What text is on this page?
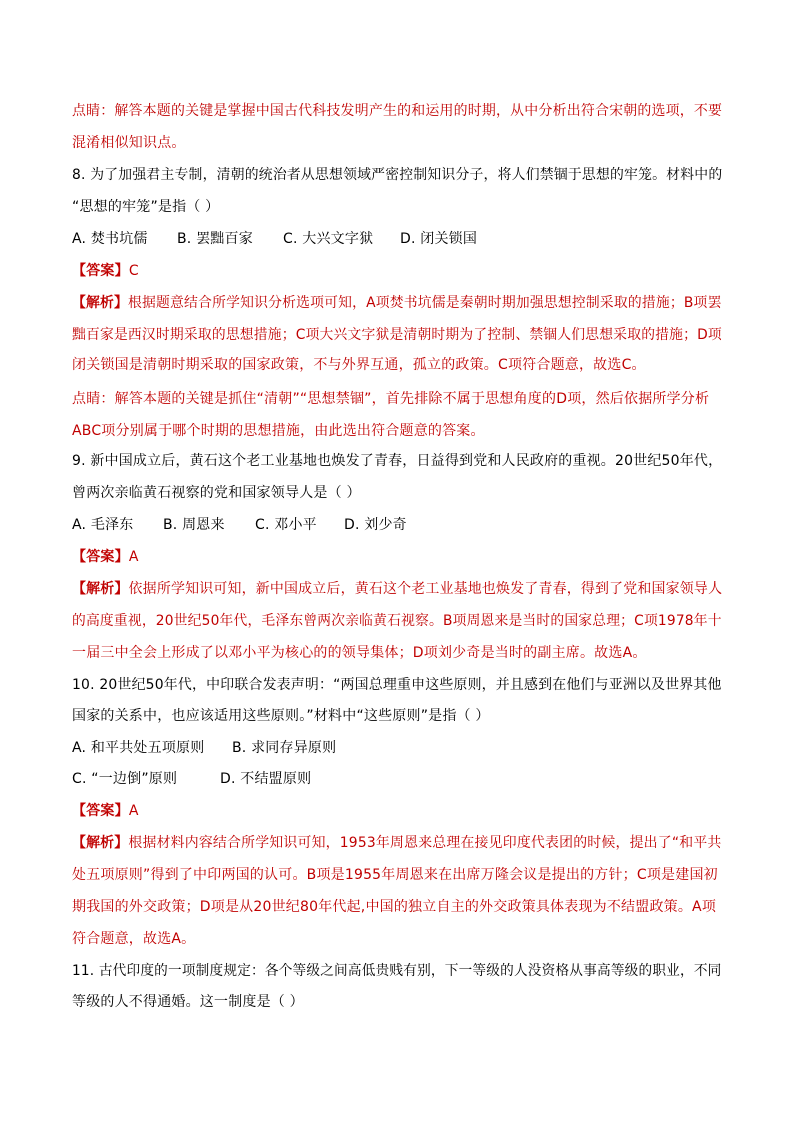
点睛：解答本题的关键是掌握中国古代科技发明产生的和运用的时期，从中分析出符合宋朝的选项，不要
混淆相似知识点。
8. 为了加强君主专制，清朝的统治者从思想领域严密控制知识分子，将人们禁锢于思想的牢笼。材料中的
“思想的牢笼”是指（ ）
A. 焚书坑儒 B. 罢黜百家 C. 大兴文字狱 D. 闭关锁国
【答案】C
【解析】根据题意结合所学知识分析选项可知，A项焚书坑儒是秦朝时期加强思想控制采取的措施；B项罢
黜百家是西汉时期采取的思想措施；C项大兴文字狱是清朝时期为了控制、禁锢人们思想采取的措施；D项
闭关锁国是清朝时期采取的国家政策，不与外界互通，孤立的政策。C项符合题意，故选C。
点睛：解答本题的关键是抓住“清朝”“思想禁锢”，首先排除不属于思想角度的D项，然后依据所学分析
ABC项分别属于哪个时期的思想措施，由此选出符合题意的答案。
9. 新中国成立后，黄石这个老工业基地也焕发了青春，日益得到党和人民政府的重视。20世纪50年代，
曾两次亲临黄石视察的党和国家领导人是（ ）
A. 毛泽东 B. 周恩来 C. 邓小平 D. 刘少奇
【答案】A
【解析】依据所学知识可知，新中国成立后，黄石这个老工业基地也焕发了青春，得到了党和国家领导人
的高度重视，20世纪50年代，毛泽东曾两次亲临黄石视察。B项周恩来是当时的国家总理；C项1978年十
一届三中全会上形成了以邓小平为核心的的领导集体；D项刘少奇是当时的副主席。故选A。
10. 20世纪50年代，中印联合发表声明：“两国总理重申这些原则，并且感到在他们与亚洲以及世界其他
国家的关系中，也应该适用这些原则。”材料中“这些原则”是指（ ）
A. 和平共处五项原则 B. 求同存异原则
C. “一边倒”原则	D. 不结盟原则
【答案】A
【解析】根据材料内容结合所学知识可知，1953年周恩来总理在接见印度代表团的时候，提出了“和平共
处五项原则”得到了中印两国的认可。B项是1955年周恩来在出席万隆会议是提出的方针；C项是建国初
期我国的外交政策；D项是从20世纪80年代起,中国的独立自主的外交政策具体表现为不结盟政策。A项
符合题意，故选A。
11. 古代印度的一项制度规定：各个等级之间高低贵贱有别，下一等级的人没资格从事高等级的职业，不同
等级的人不得通婚。这一制度是（ ）
